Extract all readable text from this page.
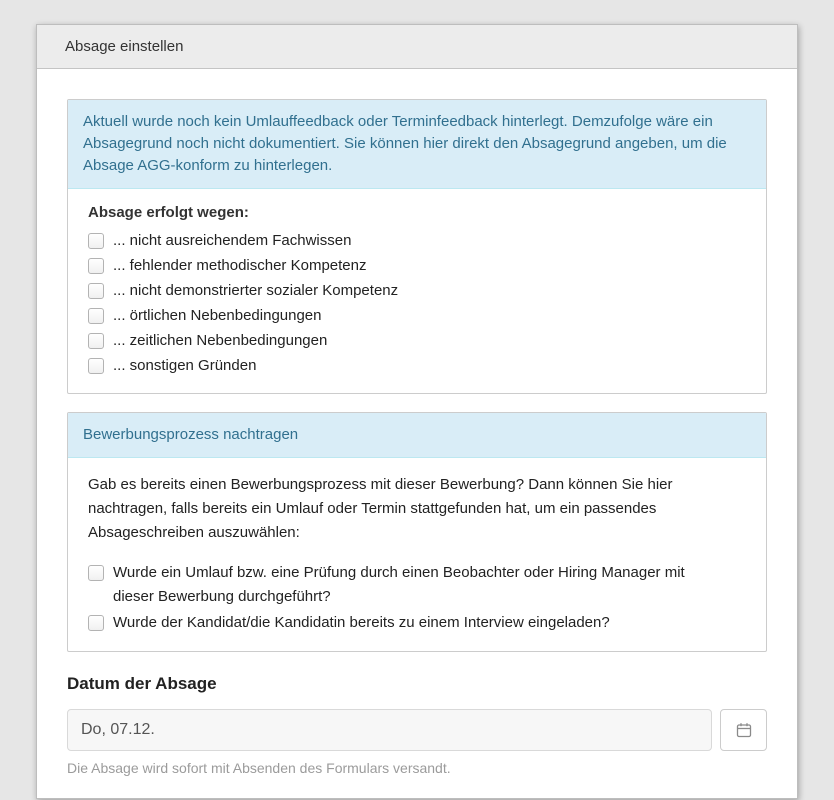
Absage einstellen
Aktuell wurde noch kein Umlauffeedback oder Terminfeedback hinterlegt. Demzufolge wäre ein Absagegrund noch nicht dokumentiert. Sie können hier direkt den Absagegrund angeben, um die Absage AGG-konform zu hinterlegen.
Absage erfolgt wegen:
... nicht ausreichendem Fachwissen
... fehlender methodischer Kompetenz
... nicht demonstrierter sozialer Kompetenz
... örtlichen Nebenbedingungen
... zeitlichen Nebenbedingungen
... sonstigen Gründen
Bewerbungsprozess nachtragen

Gab es bereits einen Bewerbungsprozess mit dieser Bewerbung? Dann können Sie hier nachtragen, falls bereits ein Umlauf oder Termin stattgefunden hat, um ein passendes Absageschreiben auszuwählen:

Wurde ein Umlauf bzw. eine Prüfung durch einen Beobachter oder Hiring Manager mit dieser Bewerbung durchgeführt?
Wurde der Kandidat/die Kandidatin bereits zu einem Interview eingeladen?
Datum der Absage
Do, 07.12.
Die Absage wird sofort mit Absenden des Formulars versandt.
